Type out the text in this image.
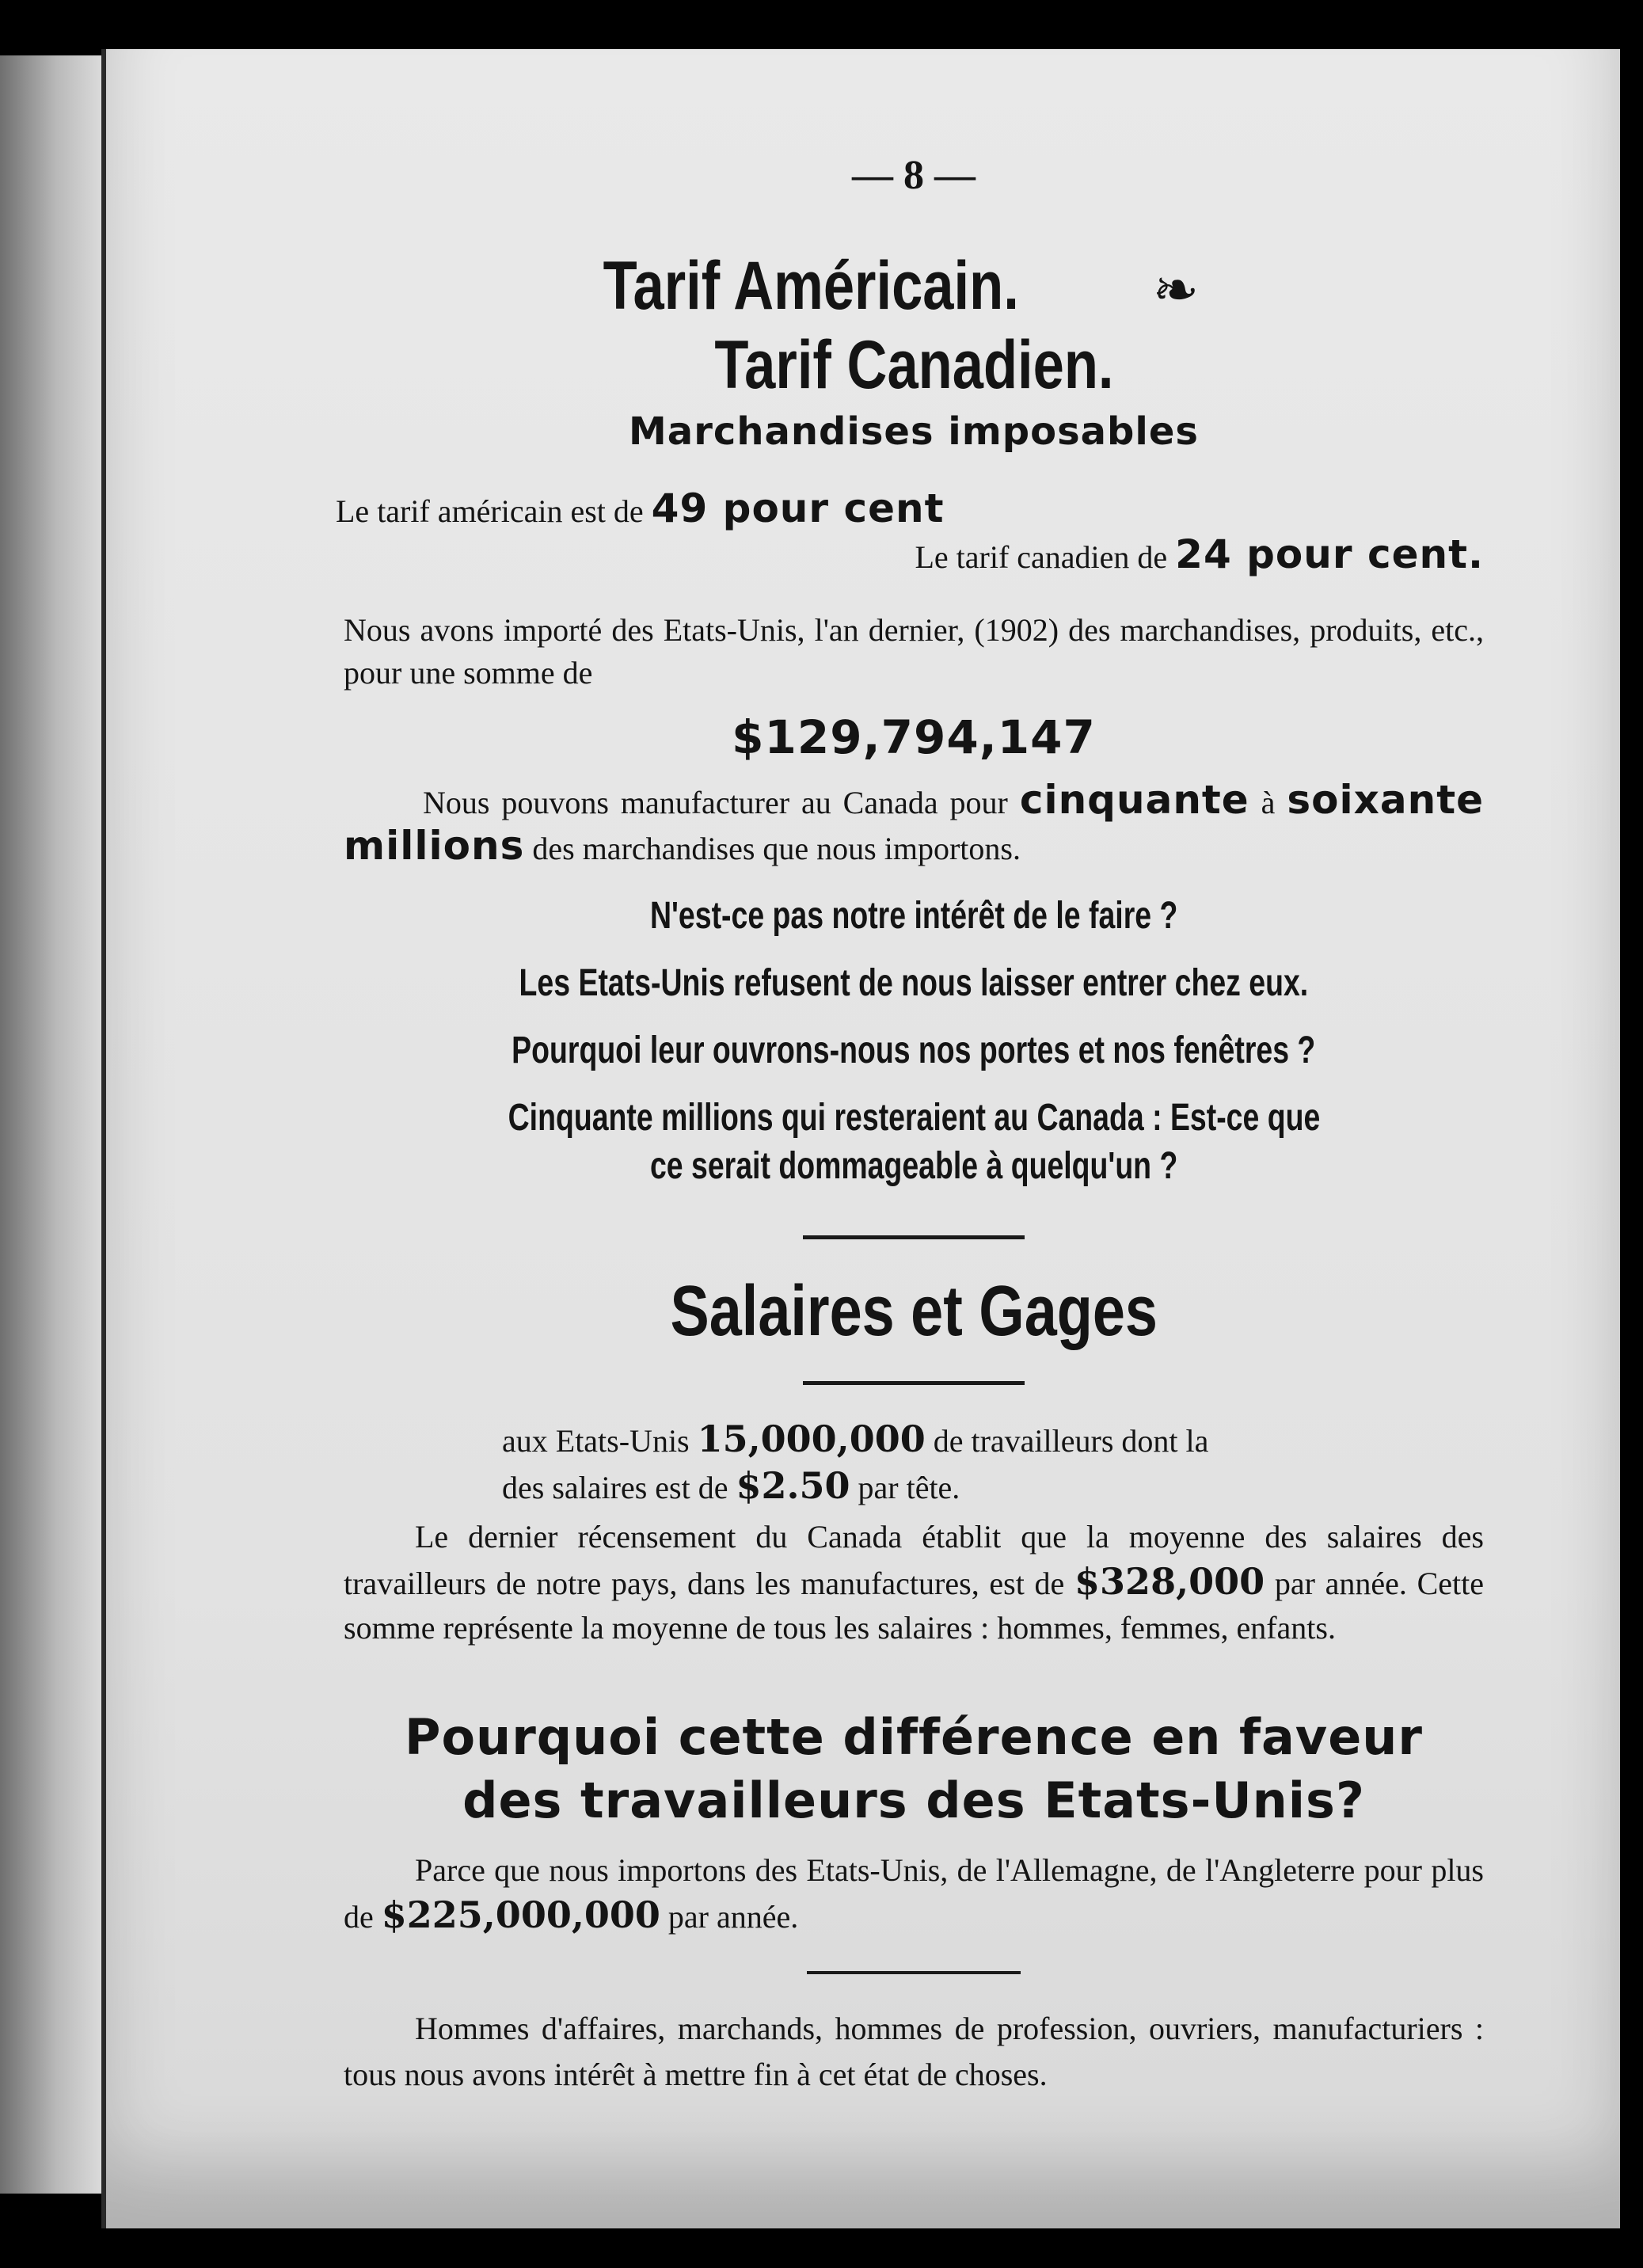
— 8 —
Tarif Américain. ❧ Tarif Canadien.
Marchandises imposables
Le tarif américain est de 49 pour cent
Le tarif canadien de 24 pour cent.

Nous avons importé des Etats-Unis, l'an dernier, (1902) des marchandises, produits, etc., pour une somme de

$129,794,147

Nous pouvons manufacturer au Canada pour cinquante à soixante millions des marchandises que nous importons.

N'est-ce pas notre intérêt de le faire ?
Les Etats-Unis refusent de nous laisser entrer chez eux.
Pourquoi leur ouvrons-nous nos portes et nos fenêtres ?
Cinquante millions qui resteraient au Canada : Est-ce que
ce serait dommageable à quelqu'un ?
Salaires et Gages

aux Etats-Unis 15,000,000 de travailleurs dont la

des salaires est de $2.50 par tête.

Le dernier récensement du Canada établit que la moyenne des salaires des travailleurs de notre pays, dans les manufactures, est de $328,000 par année. Cette somme représente la moyenne de tous les salaires : hommes, femmes, enfants.

Pourquoi cette différence en faveur
des travailleurs des Etats-Unis?

Parce que nous importons des Etats-Unis, de l'Allemagne, de l'Angleterre pour plus de $225,000,000 par année.

Hommes d'affaires, marchands, hommes de profession, ouvriers, manufacturiers : tous nous avons intérêt à mettre fin à cet état de choses.
